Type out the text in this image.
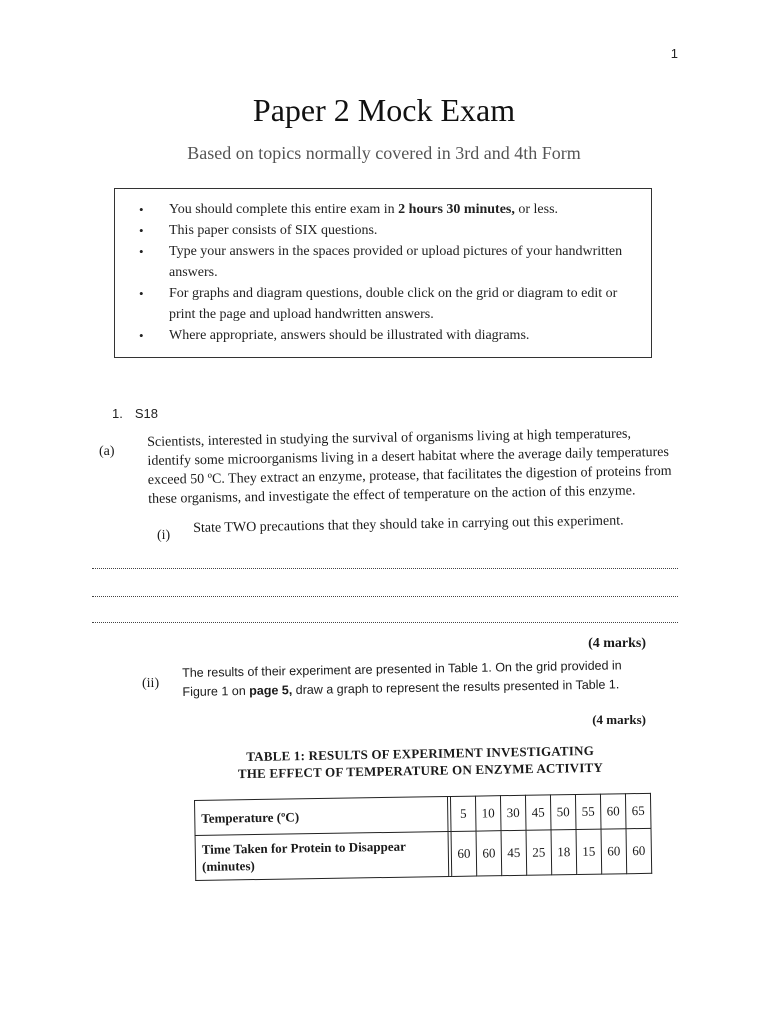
1
Paper 2 Mock Exam
Based on topics normally covered in 3rd and 4th Form
• You should complete this entire exam in 2 hours 30 minutes, or less.
• This paper consists of SIX questions.
• Type your answers in the spaces provided or upload pictures of your handwritten answers.
• For graphs and diagram questions, double click on the grid or diagram to edit or print the page and upload handwritten answers.
• Where appropriate, answers should be illustrated with diagrams.
1. S18
(a)
Scientists, interested in studying the survival of organisms living at high temperatures, identify some microorganisms living in a desert habitat where the average daily temperatures exceed 50 ºC. They extract an enzyme, protease, that facilitates the digestion of proteins from these organisms, and investigate the effect of temperature on the action of this enzyme.
(i) State TWO precautions that they should take in carrying out this experiment.
(4 marks)
(ii)
The results of their experiment are presented in Table 1. On the grid provided in Figure 1 on page 5, draw a graph to represent the results presented in Table 1.
(4 marks)
TABLE 1: RESULTS OF EXPERIMENT INVESTIGATING
THE EFFECT OF TEMPERATURE ON ENZYME ACTIVITY
Temperature (ºC)		5	10	30	45	50	55	60	65
Time Taken for Protein to Disappear (minutes)		60	60	45	25	18	15	60	60
